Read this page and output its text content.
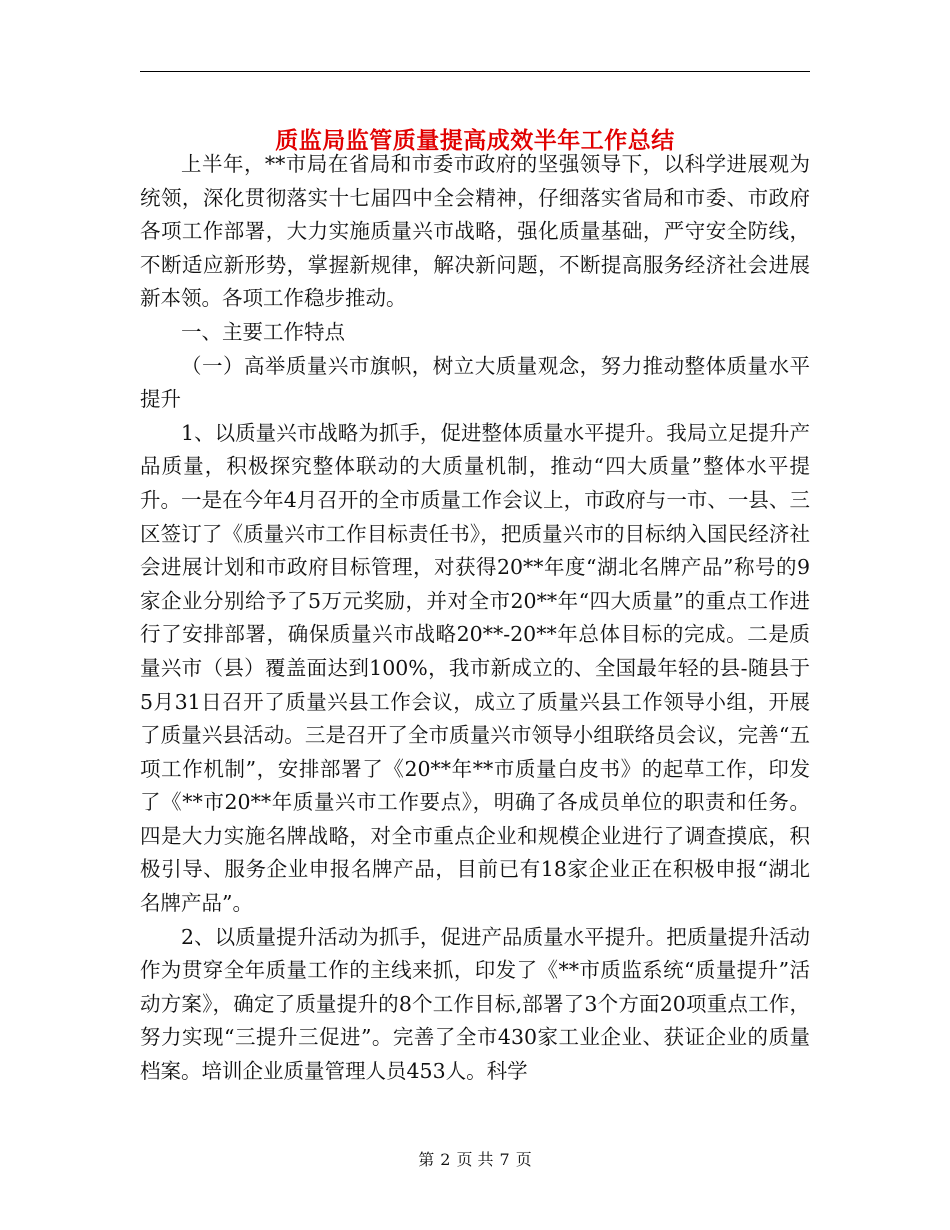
质监局监管质量提高成效半年工作总结

上半年，**市局在省局和市委市政府的坚强领导下，以科学进展观为统领，深化贯彻落实十七届四中全会精神，仔细落实省局和市委、市政府各项工作部署，大力实施质量兴市战略，强化质量基础，严守安全防线，不断适应新形势，掌握新规律，解决新问题，不断提高服务经济社会进展新本领。各项工作稳步推动。

一、主要工作特点

（一）高举质量兴市旗帜，树立大质量观念，努力推动整体质量水平提升

1、以质量兴市战略为抓手，促进整体质量水平提升。我局立足提升产品质量，积极探究整体联动的大质量机制，推动“四大质量”整体水平提升。一是在今年4月召开的全市质量工作会议上，市政府与一市、一县、三区签订了《质量兴市工作目标责任书》，把质量兴市的目标纳入国民经济社会进展计划和市政府目标管理，对获得20**年度“湖北名牌产品”称号的9家企业分别给予了5万元奖励，并对全市20**年“四大质量”的重点工作进行了安排部署，确保质量兴市战略20**-20**年总体目标的完成。二是质量兴市（县）覆盖面达到100%，我市新成立的、全国最年轻的县-随县于5月31日召开了质量兴县工作会议，成立了质量兴县工作领导小组，开展了质量兴县活动。三是召开了全市质量兴市领导小组联络员会议，完善“五项工作机制”，安排部署了《20**年**市质量白皮书》的起草工作，印发了《**市20**年质量兴市工作要点》，明确了各成员单位的职责和任务。四是大力实施名牌战略，对全市重点企业和规模企业进行了调查摸底，积极引导、服务企业申报名牌产品，目前已有18家企业正在积极申报“湖北名牌产品”。

2、以质量提升活动为抓手，促进产品质量水平提升。把质量提升活动作为贯穿全年质量工作的主线来抓，印发了《**市质监系统“质量提升”活动方案》，确定了质量提升的8个工作目标,部署了3个方面20项重点工作，努力实现“三提升三促进”。完善了全市430家工业企业、获证企业的质量档案。培训企业质量管理人员453人。科学

第 2 页 共 7 页
